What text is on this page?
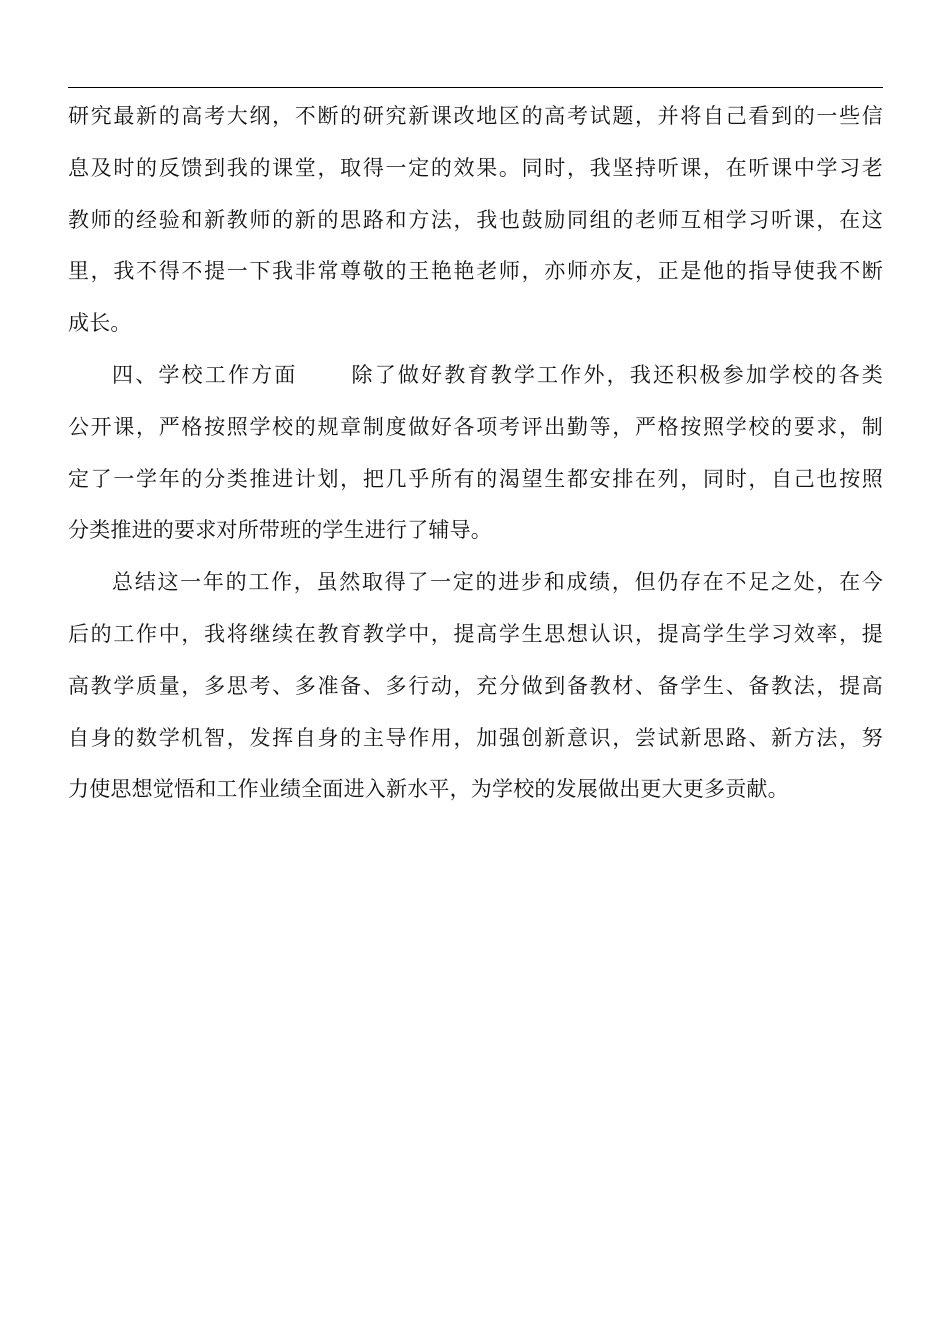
研究最新的高考大纲，不断的研究新课改地区的高考试题，并将自己看到的一些信
息及时的反馈到我的课堂，取得一定的效果。同时，我坚持听课，在听课中学习老
教师的经验和新教师的新的思路和方法，我也鼓励同组的老师互相学习听课，在这
里，我不得不提一下我非常尊敬的王艳艳老师，亦师亦友，正是他的指导使我不断
成长。
四、学校工作方面 除了做好教育教学工作外，我还积极参加学校的各类
公开课，严格按照学校的规章制度做好各项考评出勤等，严格按照学校的要求，制
定了一学年的分类推进计划，把几乎所有的渴望生都安排在列，同时，自己也按照
分类推进的要求对所带班的学生进行了辅导。
总结这一年的工作，虽然取得了一定的进步和成绩，但仍存在不足之处，在今
后的工作中，我将继续在教育教学中，提高学生思想认识，提高学生学习效率，提
高教学质量，多思考、多准备、多行动，充分做到备教材、备学生、备教法，提高
自身的数学机智，发挥自身的主导作用，加强创新意识，尝试新思路、新方法，努
力使思想觉悟和工作业绩全面进入新水平，为学校的发展做出更大更多贡献。
